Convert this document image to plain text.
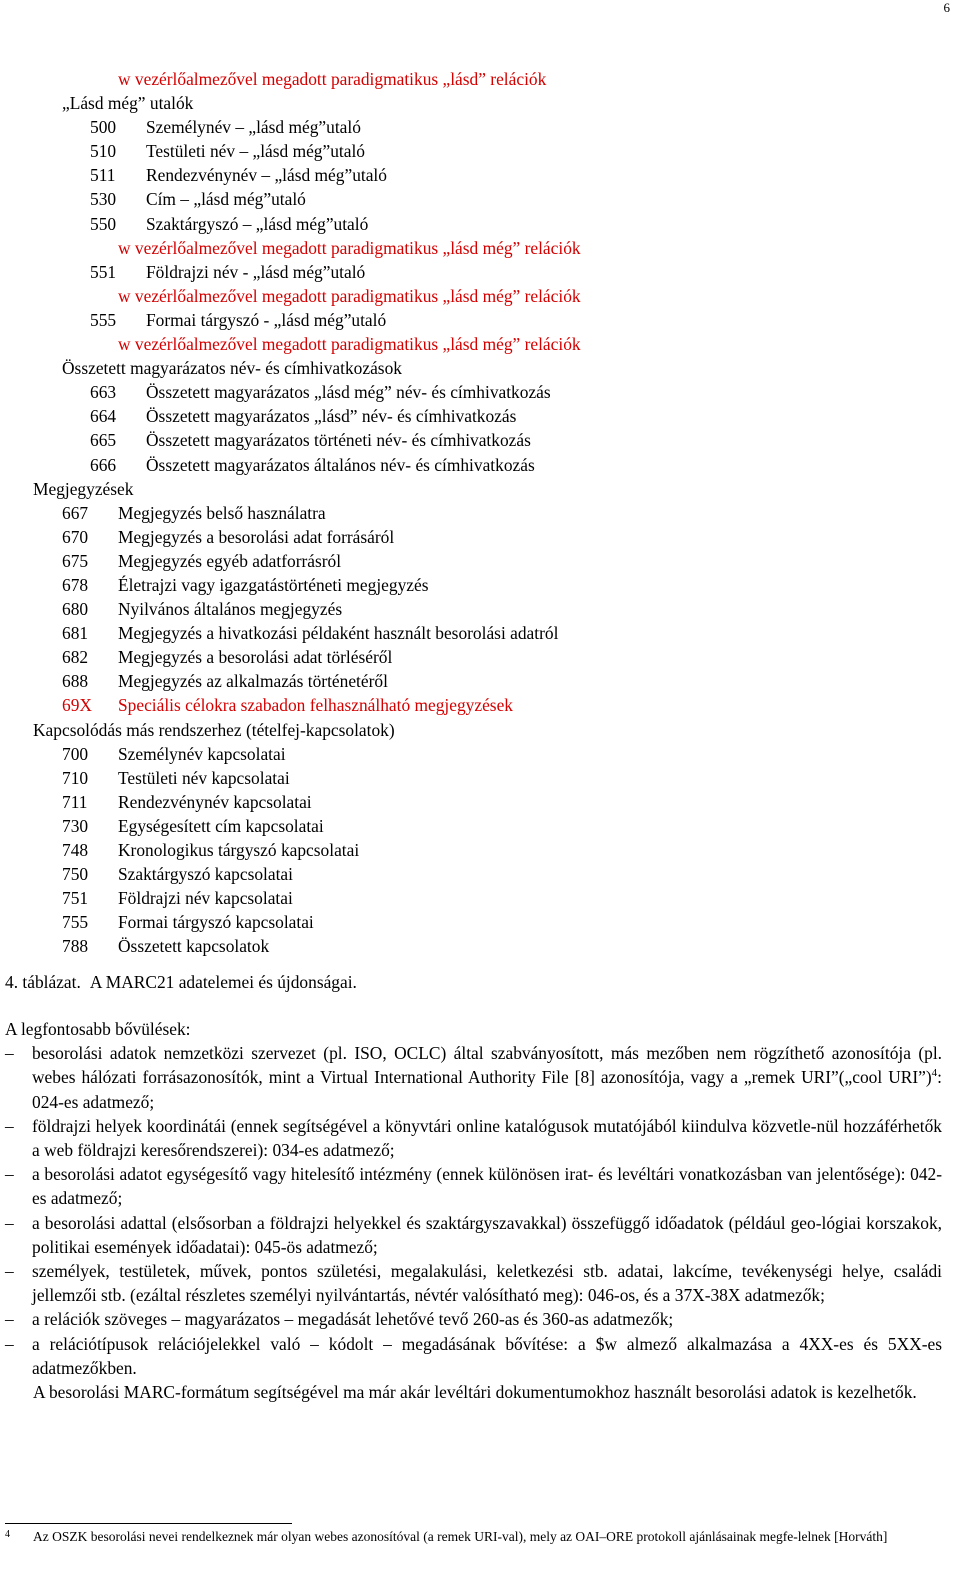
6
w vezérlőalmezővel megadott paradigmatikus „lásd” relációk
„Lásd még” utalók
500 Személynév – „lásd még”utaló
510 Testületi név – „lásd még”utaló
511 Rendezvénynév – „lásd még”utaló
530 Cím – „lásd még”utaló
550 Szaktárgyszó – „lásd még”utaló
w vezérlőalmezővel megadott paradigmatikus „lásd még” relációk
551 Földrajzi név - „lásd még”utaló
w vezérlőalmezővel megadott paradigmatikus „lásd még” relációk
555 Formai tárgyszó - „lásd még”utaló
w vezérlőalmezővel megadott paradigmatikus „lásd még” relációk
Összetett magyarázatos név- és címhivatkozások
663 Összetett magyarázatos „lásd még” név- és címhivatkozás
664 Összetett magyarázatos „lásd” név- és címhivatkozás
665 Összetett magyarázatos történeti név- és címhivatkozás
666 Összetett magyarázatos általános név- és címhivatkozás
Megjegyzések
667 Megjegyzés belső használatra
670 Megjegyzés a besorolási adat forrásáról
675 Megjegyzés egyéb adatforrásról
678 Életrajzi vagy igazgatástörténeti megjegyzés
680 Nyilvános általános megjegyzés
681 Megjegyzés a hivatkozási példaként használt besorolási adatról
682 Megjegyzés a besorolási adat törléséről
688 Megjegyzés az alkalmazás történetéről
69X Speciális célokra szabadon felhasználható megjegyzések
Kapcsolódás más rendszerhez (tételfej-kapcsolatok)
700 Személynév kapcsolatai
710 Testületi név kapcsolatai
711 Rendezvénynév kapcsolatai
730 Egységesített cím kapcsolatai
748 Kronologikus tárgyszó kapcsolatai
750 Szaktárgyszó kapcsolatai
751 Földrajzi név kapcsolatai
755 Formai tárgyszó kapcsolatai
788 Összetett kapcsolatok
4. táblázat. A MARC21 adatelemei és újdonságai.

A legfontosabb bővülések:

– besorolási adatok nemzetközi szervezet (pl. ISO, OCLC) által szabványosított, más mezőben nem rögzíthető azonosítója (pl. webes hálózati forrásazonosítók, mint a Virtual International Authority File [8] azonosítója, vagy a „remek URI”(„cool URI”)$^4$: 024-es adatmező;
– földrajzi helyek koordinátái (ennek segítségével a könyvtári online katalógusok mutatójából kiindulva közvetle-nül hozzáférhetők a web földrajzi keresőrendszerei): 034-es adatmező;
– a besorolási adatot egységesítő vagy hitelesítő intézmény (ennek különösen irat- és levéltári vonatkozásban van jelentősége): 042-es adatmező;
– a besorolási adattal (elsősorban a földrajzi helyekkel és szaktárgyszavakkal) összefüggő időadatok (például geo-lógiai korszakok, politikai események időadatai): 045-ös adatmező;
– személyek, testületek, művek, pontos születési, megalakulási, keletkezési stb. adatai, lakcíme, tevékenységi helye, családi jellemzői stb. (ezáltal részletes személyi nyilvántartás, névtér valósítható meg): 046-os, és a 37X-38X adatmezők;
– a relációk szöveges – magyarázatos – megadását lehetővé tevő 260-as és 360-as adatmezők;
– a relációtípusok relációjelekkel való – kódolt – megadásának bővítése: a $w almező alkalmazása a 4XX-es és 5XX-es adatmezőkben.

A besorolási MARC-formátum segítségével ma már akár levéltári dokumentumokhoz használt besorolási adatok is kezelhetők.

4	Az OSZK besorolási nevei rendelkeznek már olyan webes azonosítóval (a remek URI-val), mely az OAI–ORE protokoll ajánlásainak megfe-lelnek [Horváth]
